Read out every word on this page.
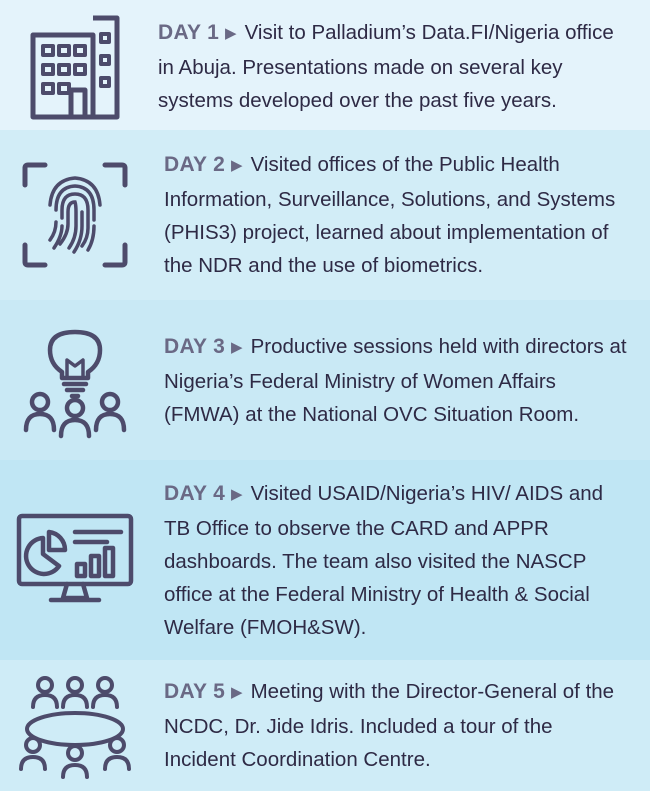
DAY 1 ▶ Visit to Palladium’s Data.FI/Nigeria office in Abuja. Presentations made on several key systems developed over the past five years.

DAY 2 ▶ Visited offices of the Public Health Information, Surveillance, Solutions, and Systems (PHIS3) project, learned about implementation of the NDR and the use of biometrics.

DAY 3 ▶ Productive sessions held with directors at Nigeria’s Federal Ministry of Women Affairs (FMWA) at the National OVC Situation Room.

DAY 4 ▶ Visited USAID/Nigeria’s HIV/ AIDS and TB Office to observe the CARD and APPR dashboards. The team also visited the NASCP office at the Federal Ministry of Health & Social Welfare (FMOH&SW).

DAY 5 ▶ Meeting with the Director-General of the NCDC, Dr. Jide Idris. Included a tour of the Incident Coordination Centre.
